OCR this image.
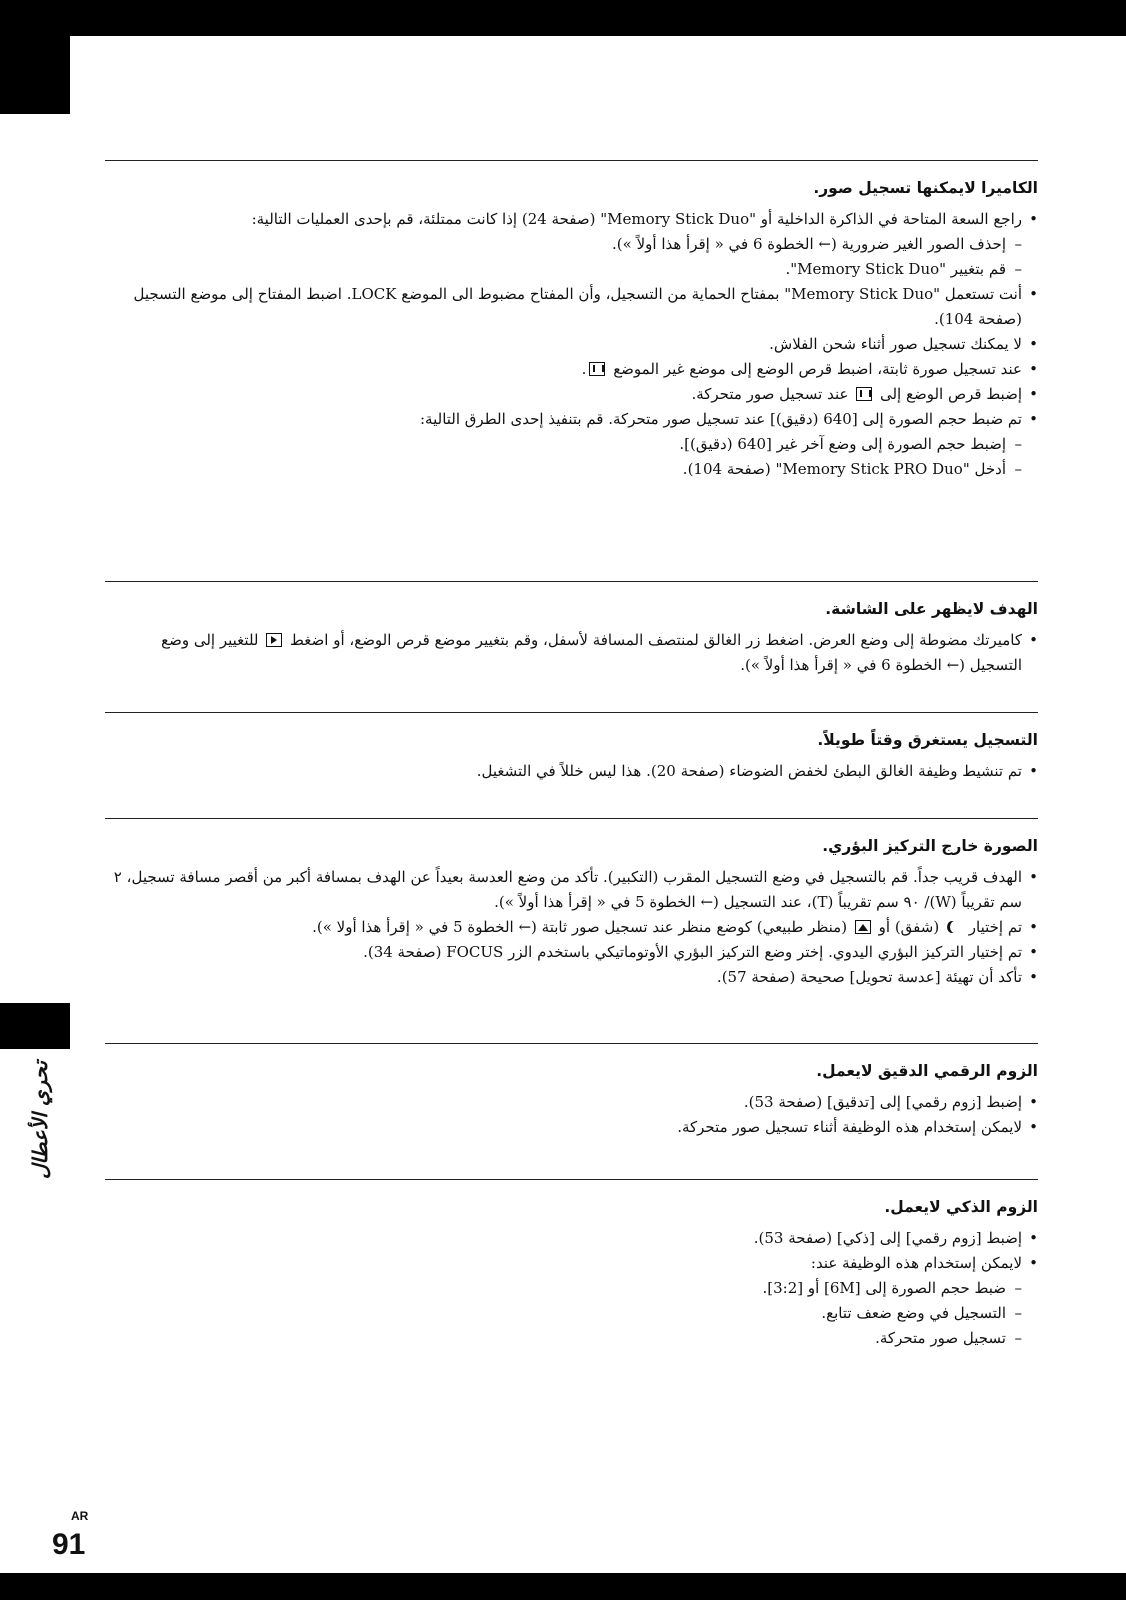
تحري الأعطال
الكاميرا لايمكنها تسجيل صور.
• راجع السعة المتاحة في الذاكرة الداخلية أو "Memory Stick Duo" (صفحة 24) إذا كانت ممتلئة، قم بإحدى العمليات التالية:
– إحذف الصور الغير ضرورية (← الخطوة 6 في « إقرأ هذا أولاً »).
– قم بتغيير "Memory Stick Duo".
• أنت تستعمل "Memory Stick Duo" بمفتاح الحماية من التسجيل، وأن المفتاح مضبوط الى الموضع LOCK. اضبط المفتاح إلى موضع التسجيل (صفحة 104).
• لا يمكنك تسجيل صور أثناء شحن الفلاش.
• عند تسجيل صورة ثابتة، اضبط قرص الوضع إلى موضع غير الموضع .
• إضبط قرص الوضع إلى  عند تسجيل صور متحركة.
• تم ضبط حجم الصورة إلى [640 (دقيق)] عند تسجيل صور متحركة. قم بتنفيذ إحدى الطرق التالية:
– إضبط حجم الصورة إلى وضع آخر غير [640 (دقيق)].
– أدخل "Memory Stick PRO Duo" (صفحة 104).
الهدف لايظهر على الشاشة.
• كاميرتك مضوطة إلى وضع العرض. اضغط زر الغالق لمنتصف المسافة لأسفل، وقم بتغيير موضع قرص الوضع، أو اضغط  للتغيير إلى وضع التسجيل (← الخطوة 6 في « إقرأ هذا أولاً »).
التسجيل يستغرق وقتاً طويلاً.
• تم تنشيط وظيفة الغالق البطئ لخفض الضوضاء (صفحة 20). هذا ليس خللاً في التشغيل.
الصورة خارج التركيز البؤري.
• الهدف قريب جداً. قم بالتسجيل في وضع التسجيل المقرب (التكبير). تأكد من وضع العدسة بعيداً عن الهدف بمسافة أكبر من أقصر مسافة تسجيل، ٢ سم تقريباً (W)/ ٩٠ سم تقريباً (T)، عند التسجيل (← الخطوة 5 في « إقرأ هذا أولاً »).
• تم إختيار  (شفق) أو  (منظر طبيعي) كوضع منظر عند تسجيل صور ثابتة (← الخطوة 5 في « إقرأ هذا أولا »).
• تم إختيار التركيز البؤري اليدوي. إختر وضع التركيز البؤري الأوتوماتيكي باستخدم الزر FOCUS (صفحة 34).
• تأكد أن تهيئة [عدسة تحويل] صحيحة (صفحة 57).
الزوم الرقمي الدقيق لايعمل.
• إضبط [زوم رقمي] إلى [تدقيق] (صفحة 53).
• لايمكن إستخدام هذه الوظيفة أثناء تسجيل صور متحركة.
الزوم الذكي لايعمل.
• إضبط [زوم رقمي] إلى [ذكي] (صفحة 53).
• لايمكن إستخدام هذه الوظيفة عند:
– ضبط حجم الصورة إلى [6M] أو [3:2].
– التسجيل في وضع ضعف تتابع.
– تسجيل صور متحركة.
AR
91
